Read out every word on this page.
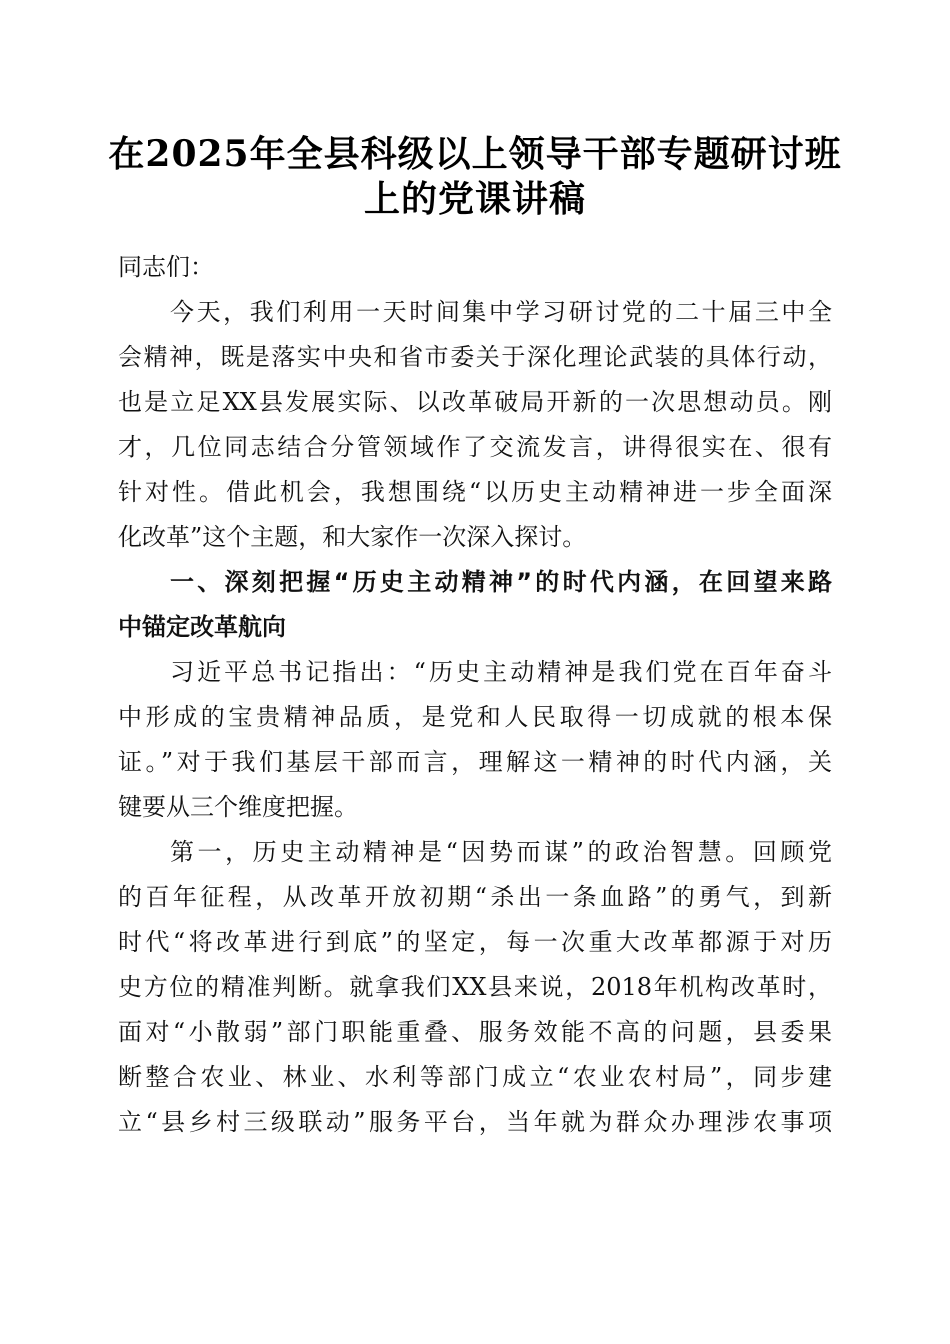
在2025年全县科级以上领导干部专题研讨班
上的党课讲稿
同志们：
今天，我们利用一天时间集中学习研讨党的二十届三中全
会精神，既是落实中央和省市委关于深化理论武装的具体行动，
也是立足XX县发展实际、以改革破局开新的一次思想动员。刚
才，几位同志结合分管领域作了交流发言，讲得很实在、很有
针对性。借此机会，我想围绕“以历史主动精神进一步全面深
化改革”这个主题，和大家作一次深入探讨。
一、深刻把握“历史主动精神”的时代内涵，在回望来路
中锚定改革航向
习近平总书记指出：“历史主动精神是我们党在百年奋斗
中形成的宝贵精神品质，是党和人民取得一切成就的根本保
证。”对于我们基层干部而言，理解这一精神的时代内涵，关
键要从三个维度把握。
第一，历史主动精神是“因势而谋”的政治智慧。回顾党
的百年征程，从改革开放初期“杀出一条血路”的勇气，到新
时代“将改革进行到底”的坚定，每一次重大改革都源于对历
史方位的精准判断。就拿我们XX县来说，2018年机构改革时，
面对“小散弱”部门职能重叠、服务效能不高的问题，县委果
断整合农业、林业、水利等部门成立“农业农村局”，同步建
立“县乡村三级联动”服务平台，当年就为群众办理涉农事项
